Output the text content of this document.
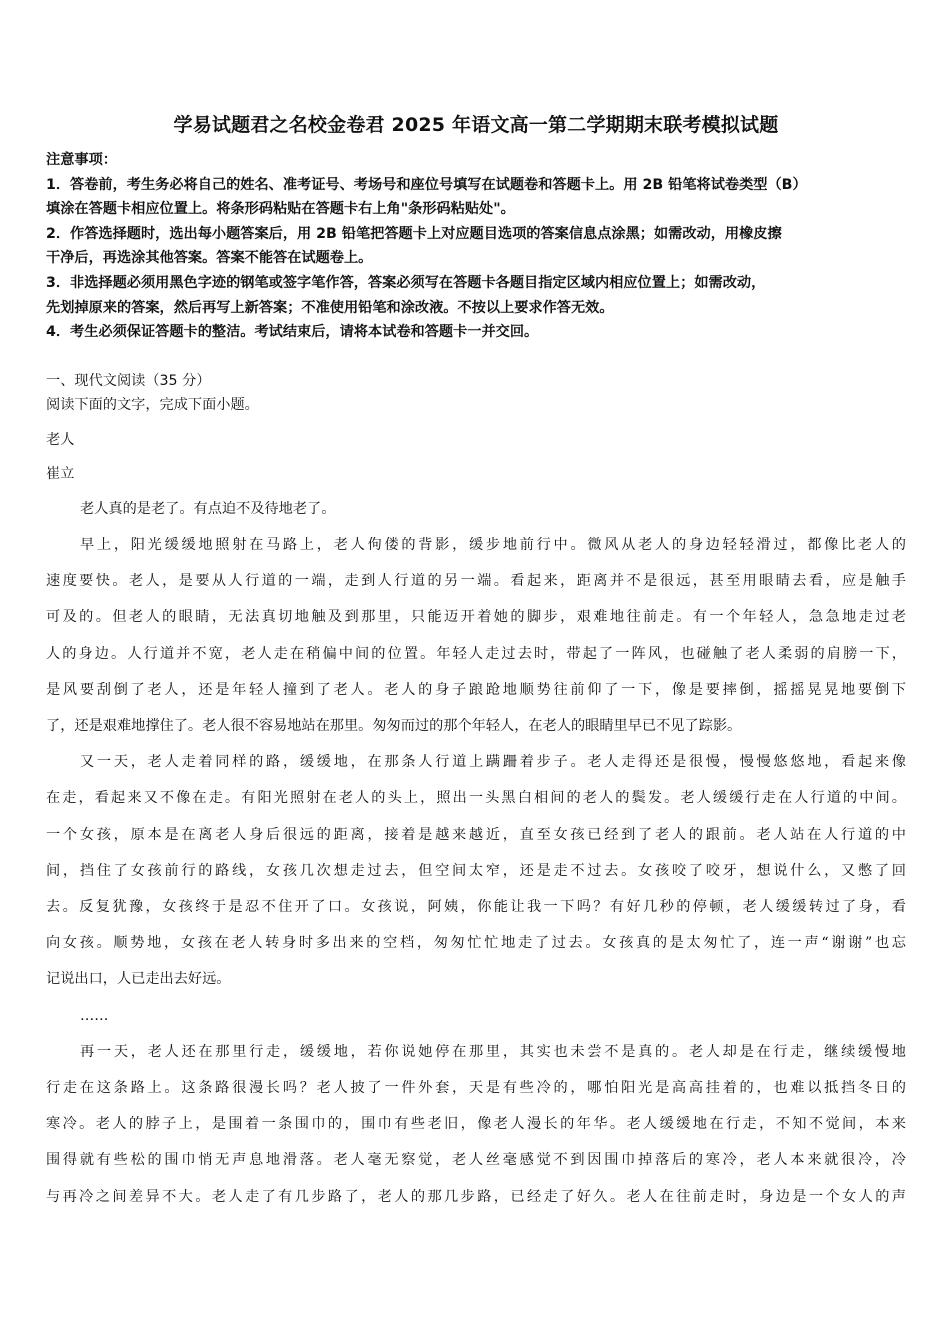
学易试题君之名校金卷君 2025 年语文高一第二学期期末联考模拟试题
注意事项：
1．答卷前，考生务必将自己的姓名、准考证号、考场号和座位号填写在试题卷和答题卡上。用 2B 铅笔将试卷类型（B）
填涂在答题卡相应位置上。将条形码粘贴在答题卡右上角"条形码粘贴处"。
2．作答选择题时，选出每小题答案后，用 2B 铅笔把答题卡上对应题目选项的答案信息点涂黑；如需改动，用橡皮擦
干净后，再选涂其他答案。答案不能答在试题卷上。
3．非选择题必须用黑色字迹的钢笔或签字笔作答，答案必须写在答题卡各题目指定区域内相应位置上；如需改动，
先划掉原来的答案，然后再写上新答案；不准使用铅笔和涂改液。不按以上要求作答无效。
4．考生必须保证答题卡的整洁。考试结束后，请将本试卷和答题卡一并交回。
一、现代文阅读（35 分）
阅读下面的文字，完成下面小题。
老人
崔立

老人真的是老了。有点迫不及待地老了。

早上，阳光缓缓地照射在马路上，老人佝偻的背影，缓步地前行中。微风从老人的身边轻轻滑过，都像比老人的
速度要快。老人，是要从人行道的一端，走到人行道的另一端。看起来，距离并不是很远，甚至用眼睛去看，应是触手
可及的。但老人的眼睛，无法真切地触及到那里，只能迈开着她的脚步，艰难地往前走。有一个年轻人，急急地走过老
人的身边。人行道并不宽，老人走在稍偏中间的位置。年轻人走过去时，带起了一阵风，也碰触了老人柔弱的肩膀一下，
是风要刮倒了老人，还是年轻人撞到了老人。老人的身子踉跄地顺势往前仰了一下，像是要摔倒，摇摇晃晃地要倒下
了，还是艰难地撑住了。老人很不容易地站在那里。匆匆而过的那个年轻人，在老人的眼睛里早已不见了踪影。

又一天，老人走着同样的路，缓缓地，在那条人行道上蹒跚着步子。老人走得还是很慢，慢慢悠悠地，看起来像
在走，看起来又不像在走。有阳光照射在老人的头上，照出一头黑白相间的老人的鬓发。老人缓缓行走在人行道的中间。
一个女孩，原本是在离老人身后很远的距离，接着是越来越近，直至女孩已经到了老人的跟前。老人站在人行道的中
间，挡住了女孩前行的路线，女孩几次想走过去，但空间太窄，还是走不过去。女孩咬了咬牙，想说什么，又憋了回
去。反复犹豫，女孩终于是忍不住开了口。女孩说，阿姨，你能让我一下吗？有好几秒的停顿，老人缓缓转过了身，看
向女孩。顺势地，女孩在老人转身时多出来的空档，匆匆忙忙地走了过去。女孩真的是太匆忙了，连一声“谢谢”也忘
记说出口，人已走出去好远。

……

再一天，老人还在那里行走，缓缓地，若你说她停在那里，其实也未尝不是真的。老人却是在行走，继续缓慢地
行走在这条路上。这条路很漫长吗？老人披了一件外套，天是有些冷的，哪怕阳光是高高挂着的，也难以抵挡冬日的
寒冷。老人的脖子上，是围着一条围巾的，围巾有些老旧，像老人漫长的年华。老人缓缓地在行走，不知不觉间，本来
围得就有些松的围巾悄无声息地滑落。老人毫无察觉，老人丝毫感觉不到因围巾掉落后的寒冷，老人本来就很冷，冷
与再冷之间差异不大。老人走了有几步路了，老人的那几步路，已经走了好久。老人在往前走时，身边是一个女人的声
